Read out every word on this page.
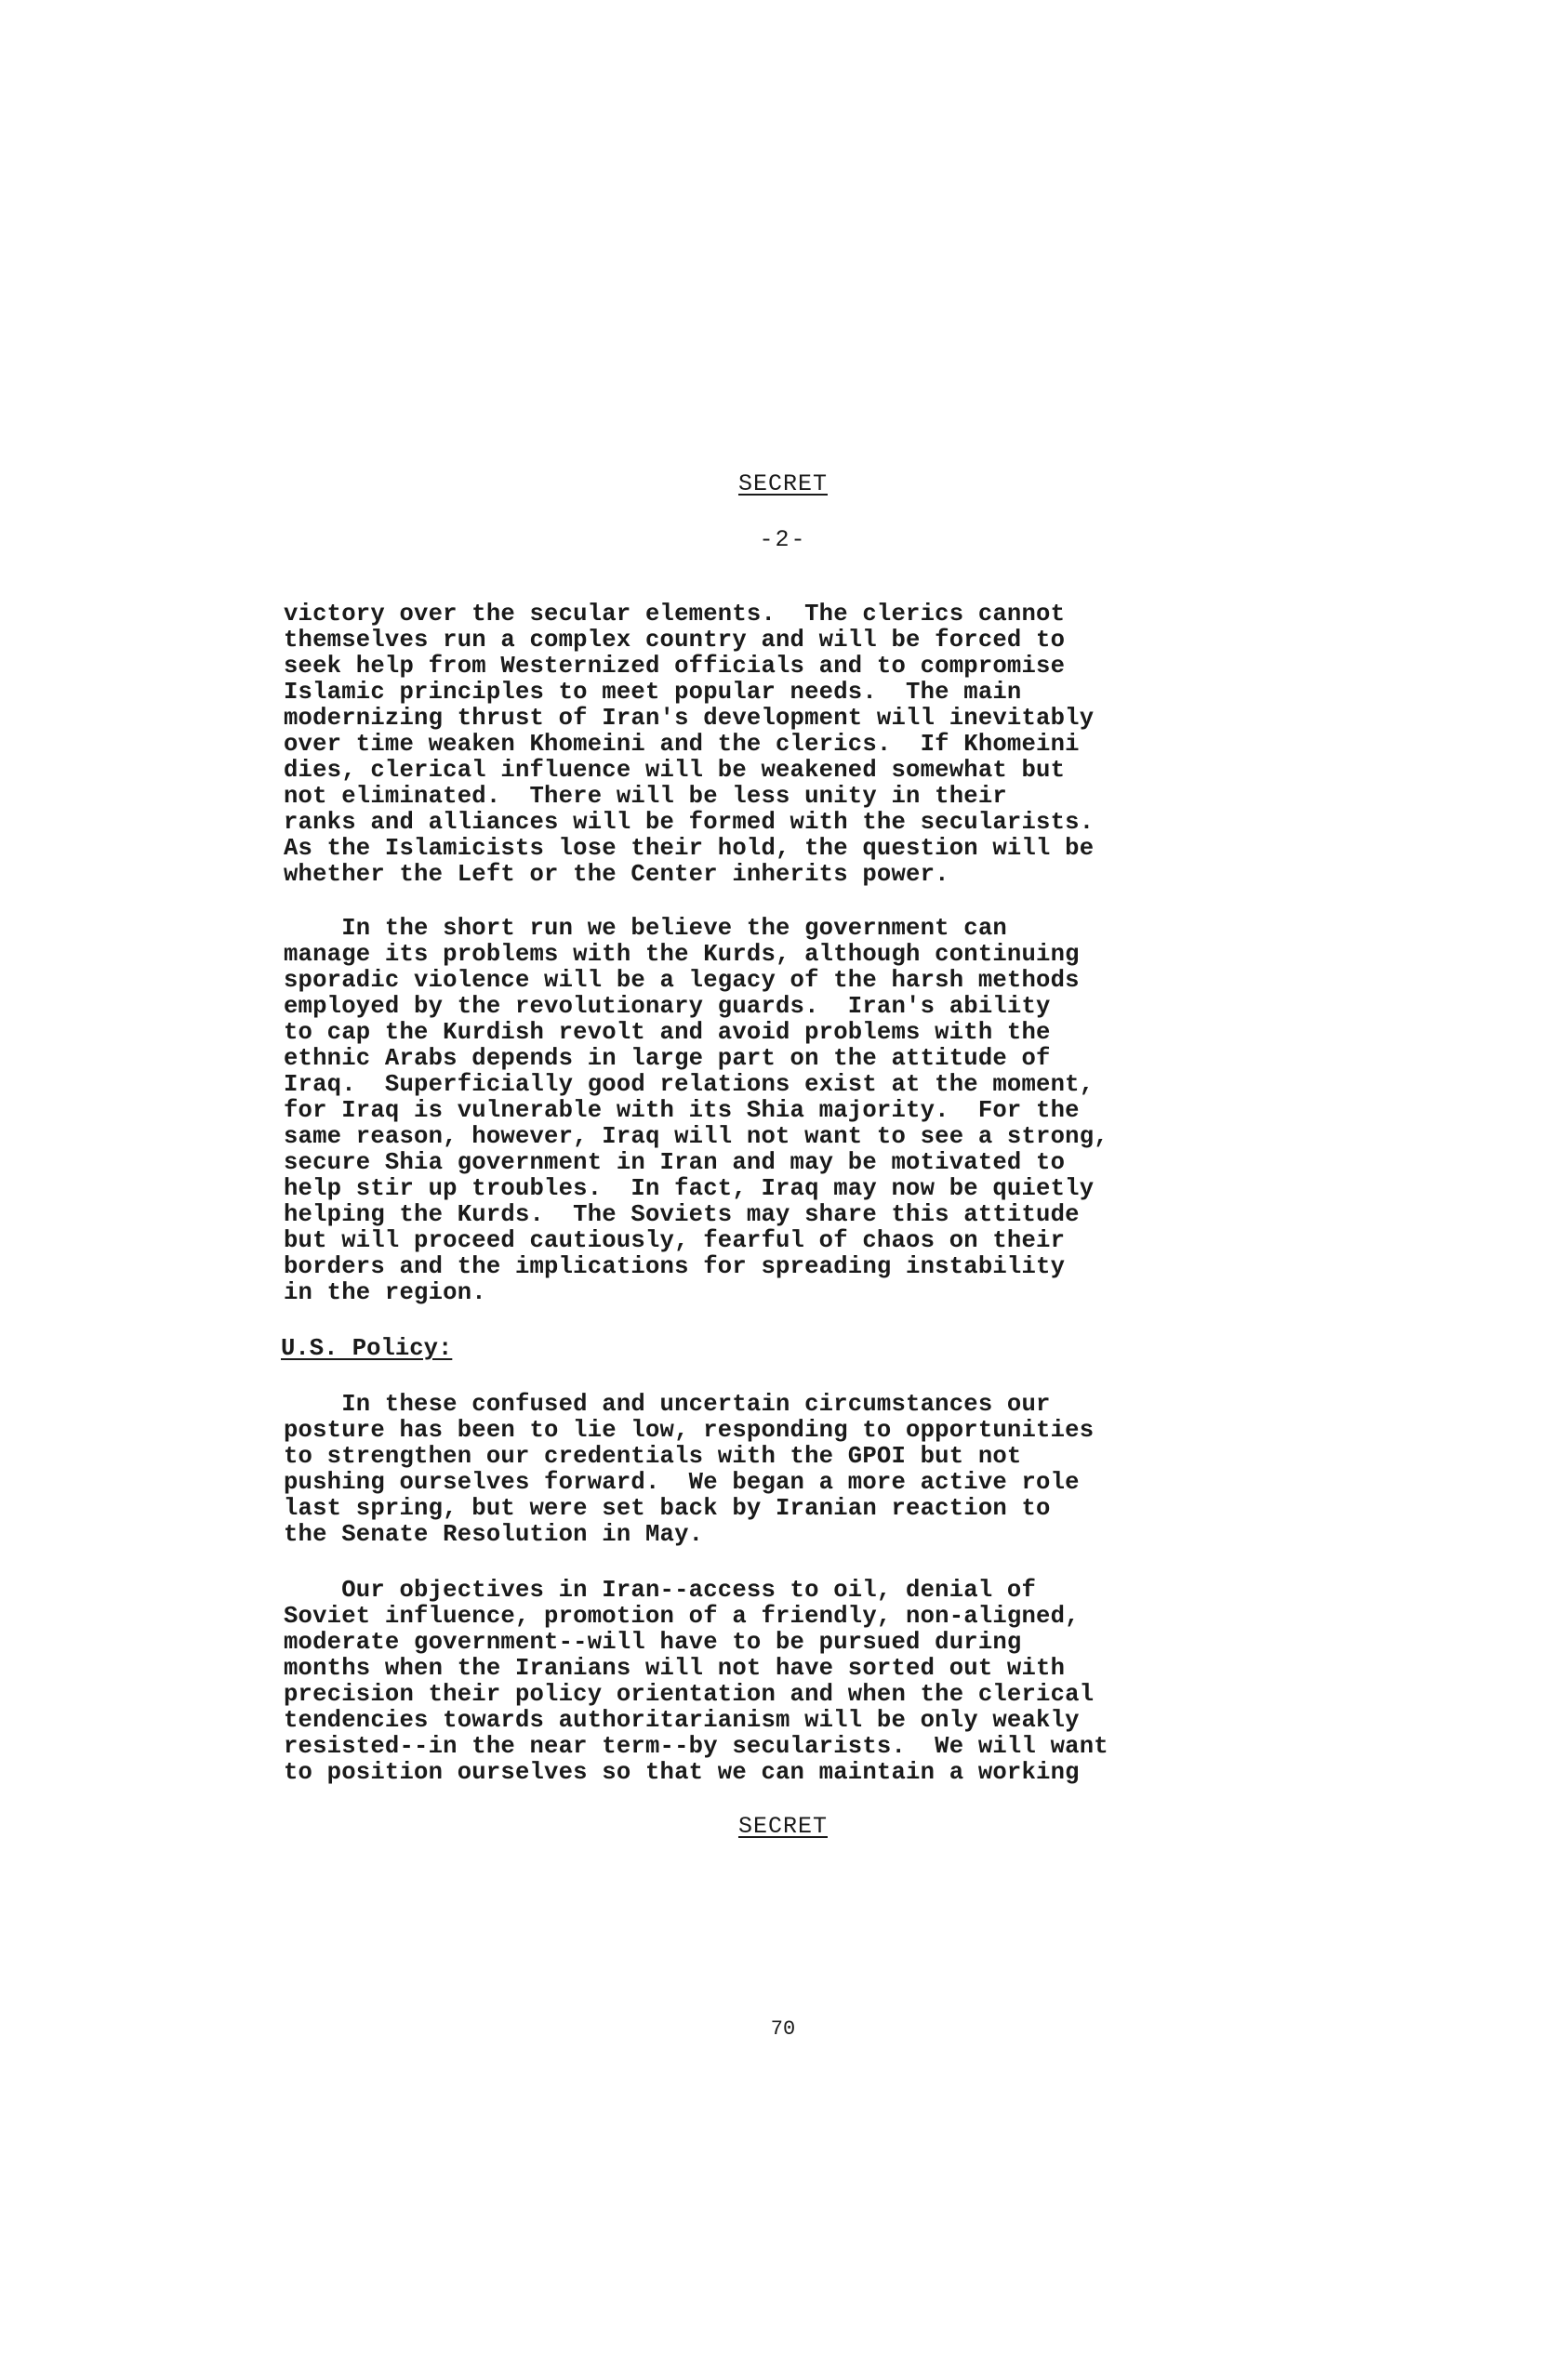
SECRET
-2-
victory over the secular elements.  The clerics cannot
themselves run a complex country and will be forced to
seek help from Westernized officials and to compromise
Islamic principles to meet popular needs.  The main
modernizing thrust of Iran's development will inevitably
over time weaken Khomeini and the clerics.  If Khomeini
dies, clerical influence will be weakened somewhat but
not eliminated.  There will be less unity in their
ranks and alliances will be formed with the secularists.
As the Islamicists lose their hold, the question will be
whether the Left or the Center inherits power.
In the short run we believe the government can
manage its problems with the Kurds, although continuing
sporadic violence will be a legacy of the harsh methods
employed by the revolutionary guards.  Iran's ability
to cap the Kurdish revolt and avoid problems with the
ethnic Arabs depends in large part on the attitude of
Iraq.  Superficially good relations exist at the moment,
for Iraq is vulnerable with its Shia majority.  For the
same reason, however, Iraq will not want to see a strong,
secure Shia government in Iran and may be motivated to
help stir up troubles.  In fact, Iraq may now be quietly
helping the Kurds.  The Soviets may share this attitude
but will proceed cautiously, fearful of chaos on their
borders and the implications for spreading instability
in the region.
U.S. Policy:
In these confused and uncertain circumstances our
posture has been to lie low, responding to opportunities
to strengthen our credentials with the GPOI but not
pushing ourselves forward.  We began a more active role
last spring, but were set back by Iranian reaction to
the Senate Resolution in May.
Our objectives in Iran--access to oil, denial of
Soviet influence, promotion of a friendly, non-aligned,
moderate government--will have to be pursued during
months when the Iranians will not have sorted out with
precision their policy orientation and when the clerical
tendencies towards authoritarianism will be only weakly
resisted--in the near term--by secularists.  We will want
to position ourselves so that we can maintain a working
SECRET
70
